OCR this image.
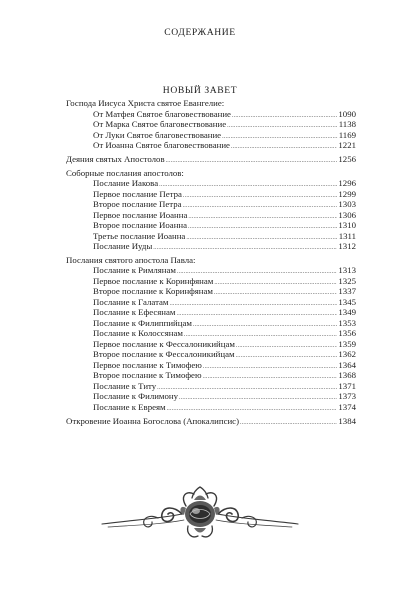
СОДЕРЖАНИЕ
НОВЫЙ ЗАВЕТ
Господа Иисуса Христа святое Евангелие:
От Матфея Святое благовествование .....	1090
От Марка Святое благовествование .....	1138
От Луки Святое благовествование .....	1169
От Иоанна Святое благовествование .....	1221
Деяния святых Апостолов .....	1256
Соборные послания апостолов:
Послание Иакова .....	1296
Первое послание Петра .....	1299
Второе послание Петра .....	1303
Первое послание Иоанна .....	1306
Второе послание Иоанна .....	1310
Третье послание Иоанна .....	1311
Послание Иуды .....	1312
Послания святого апостола Павла:
Послание к Римлянам .....	1313
Первое послание к Коринфянам .....	1325
Второе послание к Коринфянам .....	1337
Послание к Галатам .....	1345
Послание к Ефесянам .....	1349
Послание к Филиппийцам .....	1353
Послание к Колоссянам .....	1356
Первое послание к Фессалоникийцам .....	1359
Второе послание к Фессалоникийцам .....	1362
Первое послание к Тимофею .....	1364
Второе послание к Тимофею .....	1368
Послание к Титу .....	1371
Послание к Филимону .....	1373
Послание к Евреям .....	1374
Откровение Иоанна Богослова (Апокалипсис) .....	1384
